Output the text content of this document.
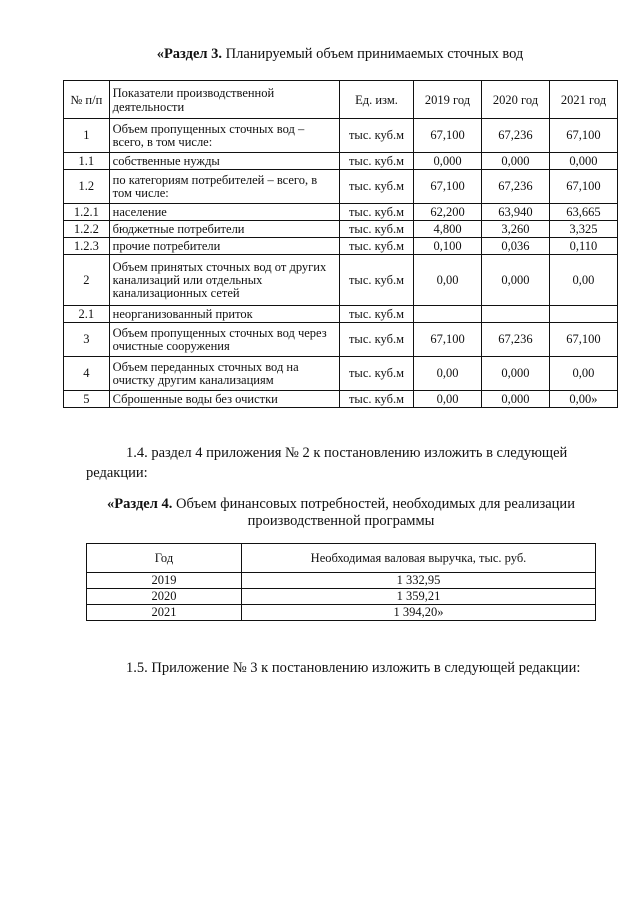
«Раздел 3. Планируемый объем принимаемых сточных вод
№ п/п	Показатели производственной деятельности	Ед. изм.	2019 год	2020 год	2021 год
1	Объем пропущенных сточных вод – всего, в том числе:	тыс. куб.м	67,100	67,236	67,100
1.1	собственные нужды	тыс. куб.м	0,000	0,000	0,000
1.2	по категориям потребителей – всего, в том числе:	тыс. куб.м	67,100	67,236	67,100
1.2.1	население	тыс. куб.м	62,200	63,940	63,665
1.2.2	бюджетные потребители	тыс. куб.м	4,800	3,260	3,325
1.2.3	прочие потребители	тыс. куб.м	0,100	0,036	0,110
2	Объем принятых сточных вод от других канализаций или отдельных канализационных сетей	тыс. куб.м	0,00	0,000	0,00
2.1	неорганизованный приток	тыс. куб.м			
3	Объем пропущенных сточных вод через очистные сооружения	тыс. куб.м	67,100	67,236	67,100
4	Объем переданных сточных вод на очистку другим канализациям	тыс. куб.м	0,00	0,000	0,00
5	Сброшенные воды без очистки	тыс. куб.м	0,00	0,000	0,00»
1.4. раздел 4 приложения № 2 к постановлению изложить в следующей редакции:
«Раздел 4. Объем финансовых потребностей, необходимых для реализации производственной программы
Год	Необходимая валовая выручка, тыс. руб.
2019	1 332,95
2020	1 359,21
2021	1 394,20»
1.5. Приложение № 3 к постановлению изложить в следующей редакции:
